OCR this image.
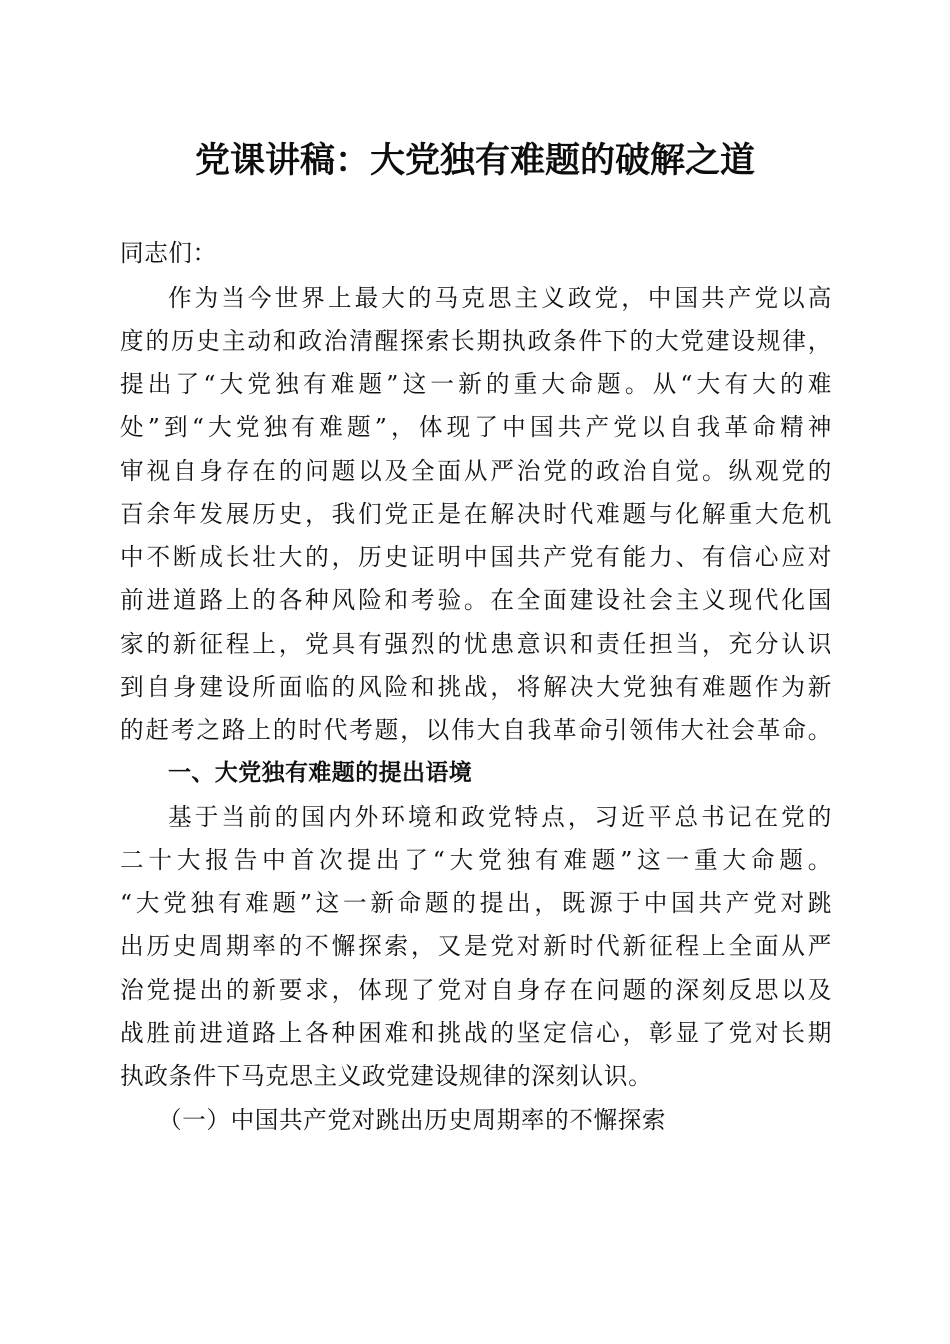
党课讲稿：大党独有难题的破解之道
同志们：
作为当今世界上最大的马克思主义政党，中国共产党以高
度的历史主动和政治清醒探索长期执政条件下的大党建设规律，
提出了“大党独有难题”这一新的重大命题。从“大有大的难
处”到“大党独有难题”，体现了中国共产党以自我革命精神
审视自身存在的问题以及全面从严治党的政治自觉。纵观党的
百余年发展历史，我们党正是在解决时代难题与化解重大危机
中不断成长壮大的，历史证明中国共产党有能力、有信心应对
前进道路上的各种风险和考验。在全面建设社会主义现代化国
家的新征程上，党具有强烈的忧患意识和责任担当，充分认识
到自身建设所面临的风险和挑战，将解决大党独有难题作为新
的赶考之路上的时代考题，以伟大自我革命引领伟大社会革命。
一、大党独有难题的提出语境
基于当前的国内外环境和政党特点，习近平总书记在党的
二十大报告中首次提出了“大党独有难题”这一重大命题。
“大党独有难题”这一新命题的提出，既源于中国共产党对跳
出历史周期率的不懈探索，又是党对新时代新征程上全面从严
治党提出的新要求，体现了党对自身存在问题的深刻反思以及
战胜前进道路上各种困难和挑战的坚定信心，彰显了党对长期
执政条件下马克思主义政党建设规律的深刻认识。
（一）中国共产党对跳出历史周期率的不懈探索
